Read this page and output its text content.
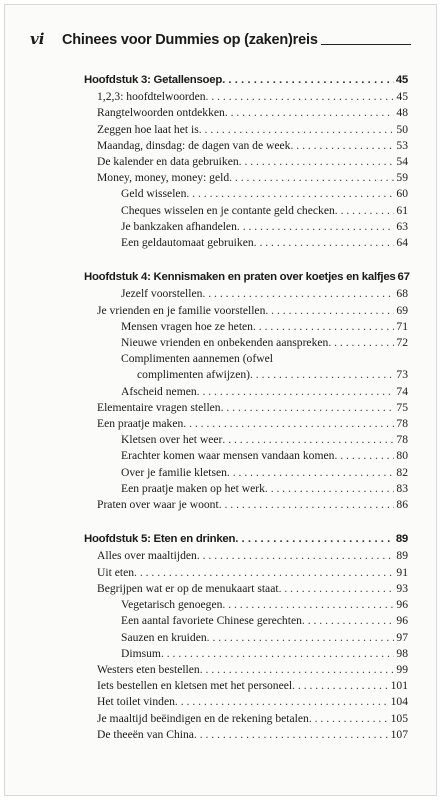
vi	Chinees voor Dummies op (zaken)reis
Hoofdstuk 3: Getallensoep . . .	45
1,2,3: hoofdtelwoorden . . .	45
Rangtelwoorden ontdekken . . .	48
Zeggen hoe laat het is . . .	50
Maandag, dinsdag: de dagen van de week . . .	53
De kalender en data gebruiken . . .	54
Money, money, money: geld . . .	59
Geld wisselen . . .	60
Cheques wisselen en je contante geld checken . . .	61
Je bankzaken afhandelen . . .	63
Een geldautomaat gebruiken . . .	64
Hoofdstuk 4: Kennismaken en praten over koetjes en kalfjes 67
Jezelf voorstellen . . .	68
Je vrienden en je familie voorstellen . . .	69
Mensen vragen hoe ze heten . . .	71
Nieuwe vrienden en onbekenden aanspreken . . .	72
Complimenten aannemen (ofwel
complimenten afwijzen) . . .	73
Afscheid nemen . . .	74
Elementaire vragen stellen . . .	75
Een praatje maken . . .	78
Kletsen over het weer . . .	78
Erachter komen waar mensen vandaan komen . . .	80
Over je familie kletsen . . .	82
Een praatje maken op het werk . . .	83
Praten over waar je woont . . .	86
Hoofdstuk 5: Eten en drinken . . .	89
Alles over maaltijden . . .	89
Uit eten . . .	91
Begrijpen wat er op de menukaart staat . . .	93
Vegetarisch genoegen . . .	96
Een aantal favoriete Chinese gerechten . . .	96
Sauzen en kruiden . . .	97
Dimsum . . .	98
Westers eten bestellen . . .	99
Iets bestellen en kletsen met het personeel . . .	101
Het toilet vinden . . .	104
Je maaltijd beëindigen en de rekening betalen . . .	105
De theeën van China . . .	107
